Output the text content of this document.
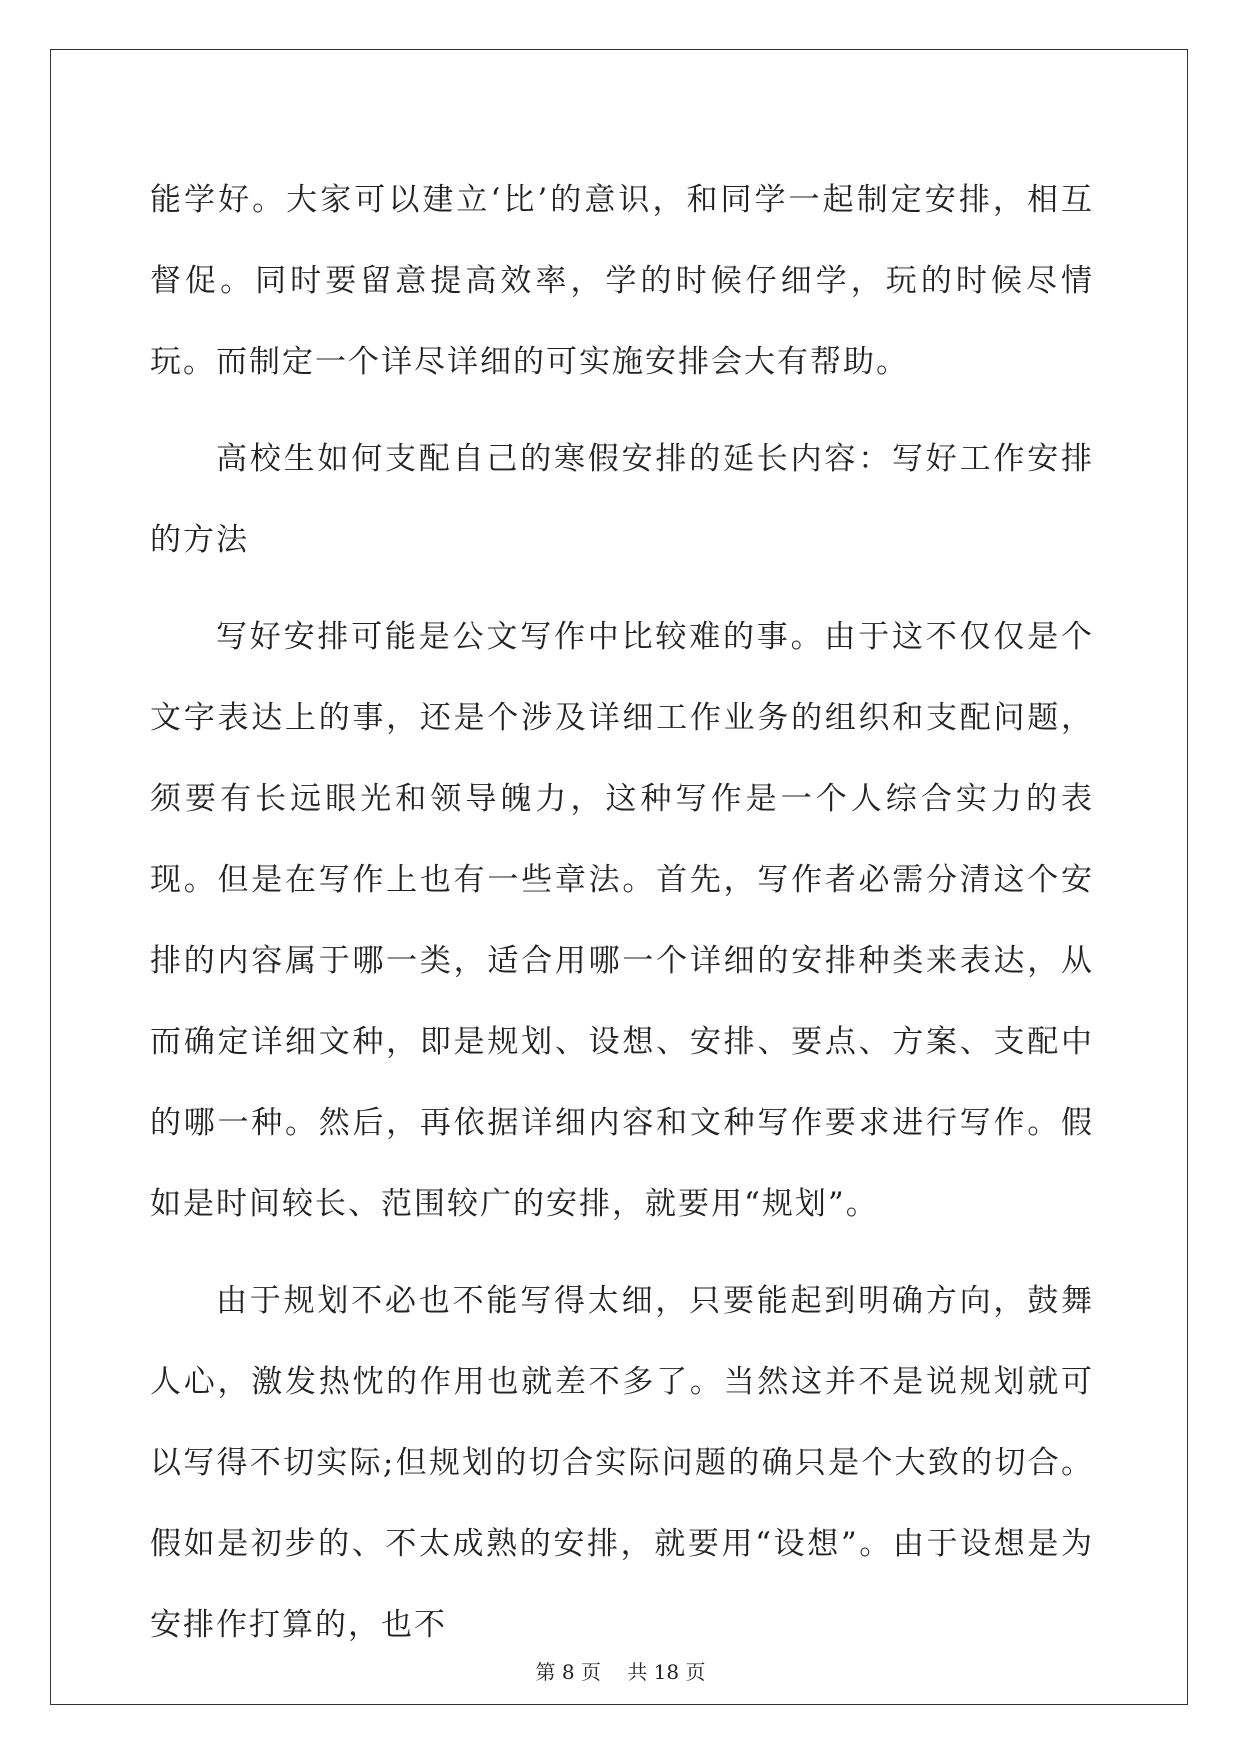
能学好。大家可以建立‘比’的意识，和同学一起制定安排，相互督促。同时要留意提高效率，学的时候仔细学，玩的时候尽情玩。而制定一个详尽详细的可实施安排会大有帮助。

高校生如何支配自己的寒假安排的延长内容：写好工作安排的方法

写好安排可能是公文写作中比较难的事。由于这不仅仅是个文字表达上的事，还是个涉及详细工作业务的组织和支配问题，须要有长远眼光和领导魄力，这种写作是一个人综合实力的表现。但是在写作上也有一些章法。首先，写作者必需分清这个安排的内容属于哪一类，适合用哪一个详细的安排种类来表达，从而确定详细文种，即是规划、设想、安排、要点、方案、支配中的哪一种。然后，再依据详细内容和文种写作要求进行写作。假如是时间较长、范围较广的安排，就要用“规划”。

由于规划不必也不能写得太细，只要能起到明确方向，鼓舞人心，激发热忱的作用也就差不多了。当然这并不是说规划就可以写得不切实际;但规划的切合实际问题的确只是个大致的切合。假如是初步的、不太成熟的安排，就要用“设想”。由于设想是为安排作打算的，也不

第 8 页 共 18 页
